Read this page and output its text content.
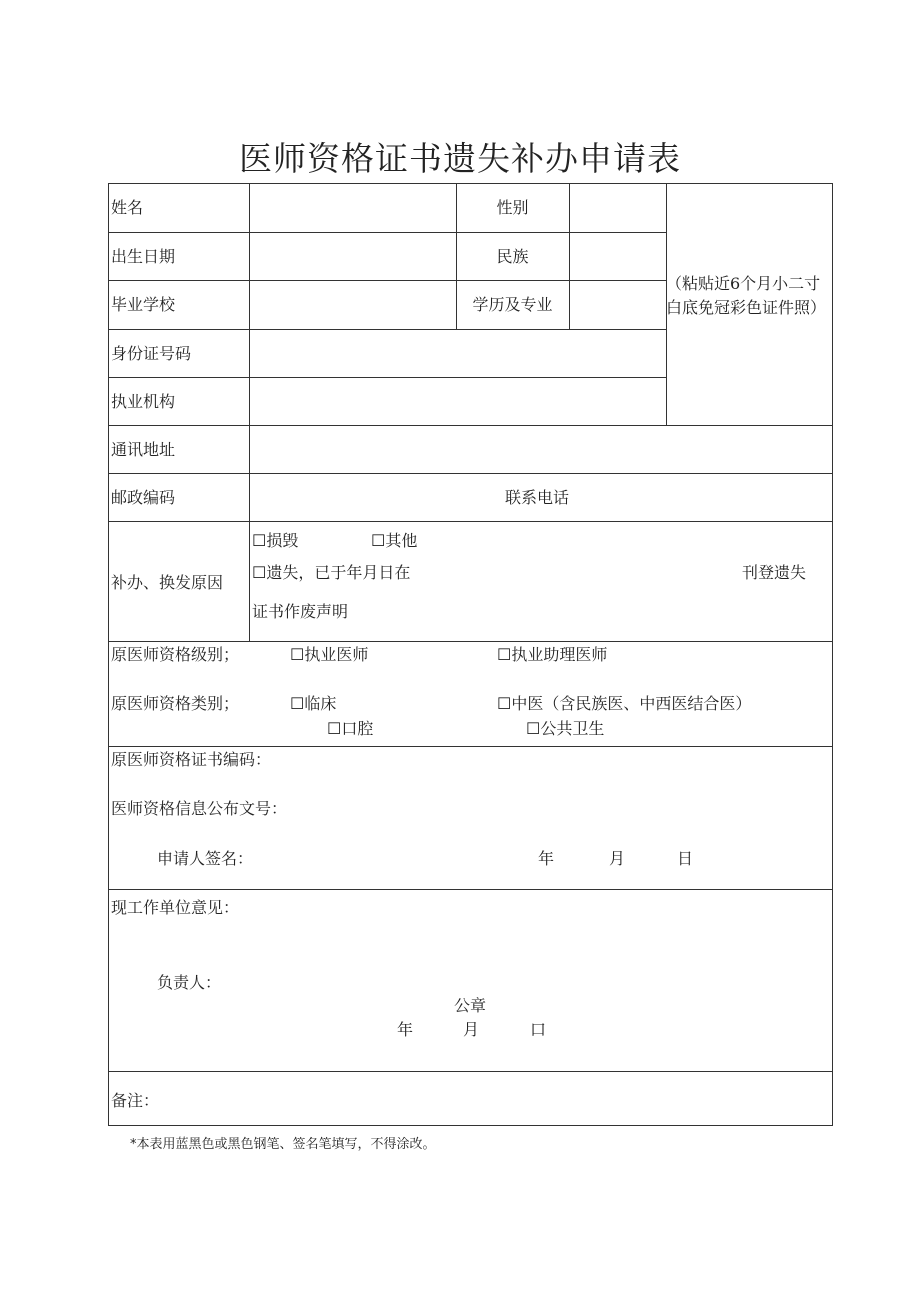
医师资格证书遗失补办申请表
姓名	性别
出生日期	民族
毕业学校	学历及专业
身份证号码
执业机构
通讯地址
邮政编码	联系电话
（粘贴近6个月小二寸白底免冠彩色证件照）
补办、换发原因
☐损毁	☐其他
☐遗失，已于年月日在	刊登遗失
证书作废声明
原医师资格级别；	☐执业医师	☐执业助理医师
原医师资格类别；	☐临床	☐中医（含民族医、中西医结合医）
☐口腔	☐公共卫生
原医师资格证书编码：
医师资格信息公布文号：
申请人签名：	年	月	日
现工作单位意见：
负责人：
公章
年	月	口
备注：
*本表用蓝黑色或黑色钢笔、签名笔填写，不得涂改。
